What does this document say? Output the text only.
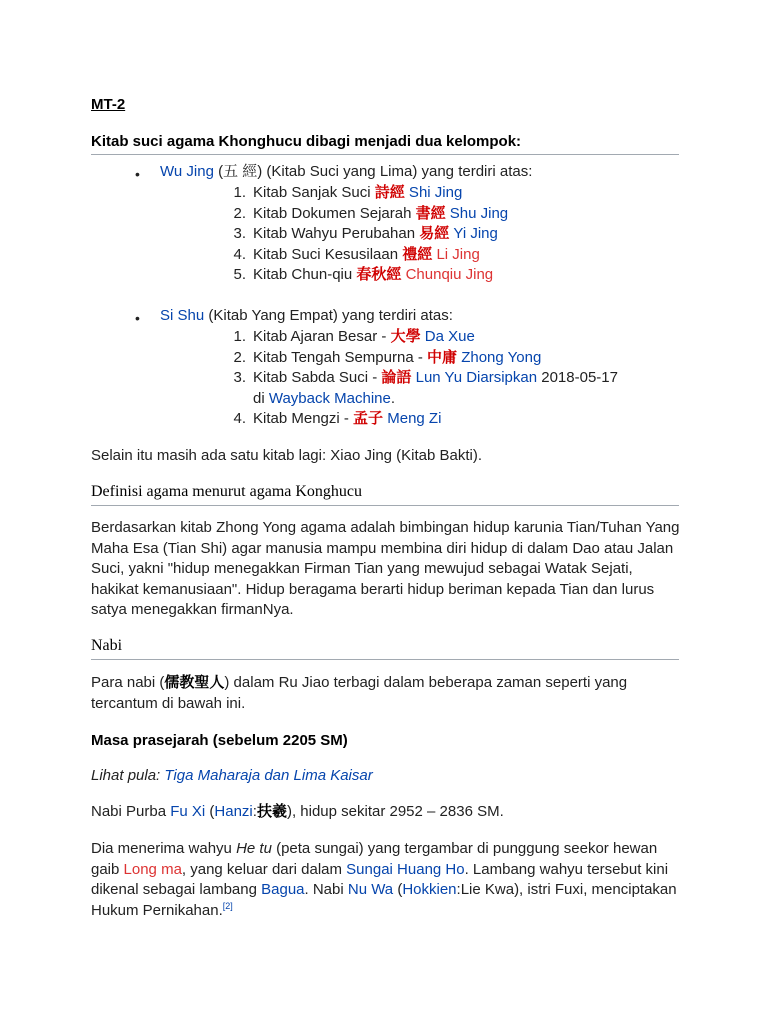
MT-2
Kitab suci agama Khonghucu dibagi menjadi dua kelompok:
• Wu Jing (五 經) (Kitab Suci yang Lima) yang terdiri atas:
1. Kitab Sanjak Suci 詩經 Shi Jing
2. Kitab Dokumen Sejarah 書經 Shu Jing
3. Kitab Wahyu Perubahan 易經 Yi Jing
4. Kitab Suci Kesusilaan 禮經 Li Jing
5. Kitab Chun-qiu 春秋經 Chunqiu Jing
• Si Shu (Kitab Yang Empat) yang terdiri atas:
1. Kitab Ajaran Besar - 大學 Da Xue
2. Kitab Tengah Sempurna - 中庸 Zhong Yong
3. Kitab Sabda Suci - 論語 Lun Yu Diarsipkan 2018-05-17
di Wayback Machine.
4. Kitab Mengzi - 孟子 Meng Zi
Selain itu masih ada satu kitab lagi: Xiao Jing (Kitab Bakti).
Definisi agama menurut agama Konghucu
Berdasarkan kitab Zhong Yong agama adalah bimbingan hidup karunia Tian/Tuhan Yang Maha Esa (Tian Shi) agar manusia mampu membina diri hidup di dalam Dao atau Jalan Suci, yakni "hidup menegakkan Firman Tian yang mewujud sebagai Watak Sejati, hakikat kemanusiaan". Hidup beragama berarti hidup beriman kepada Tian dan lurus satya menegakkan firmanNya.
Nabi
Para nabi (儒教聖人) dalam Ru Jiao terbagi dalam beberapa zaman seperti yang tercantum di bawah ini.
Masa prasejarah (sebelum 2205 SM)
Lihat pula: Tiga Maharaja dan Lima Kaisar
Nabi Purba Fu Xi (Hanzi:扶羲), hidup sekitar 2952 – 2836 SM.
Dia menerima wahyu He tu (peta sungai) yang tergambar di punggung seekor hewan gaib Long ma, yang keluar dari dalam Sungai Huang Ho. Lambang wahyu tersebut kini dikenal sebagai lambang Bagua. Nabi Nu Wa (Hokkien:Lie Kwa), istri Fuxi, menciptakan Hukum Pernikahan.[2]
